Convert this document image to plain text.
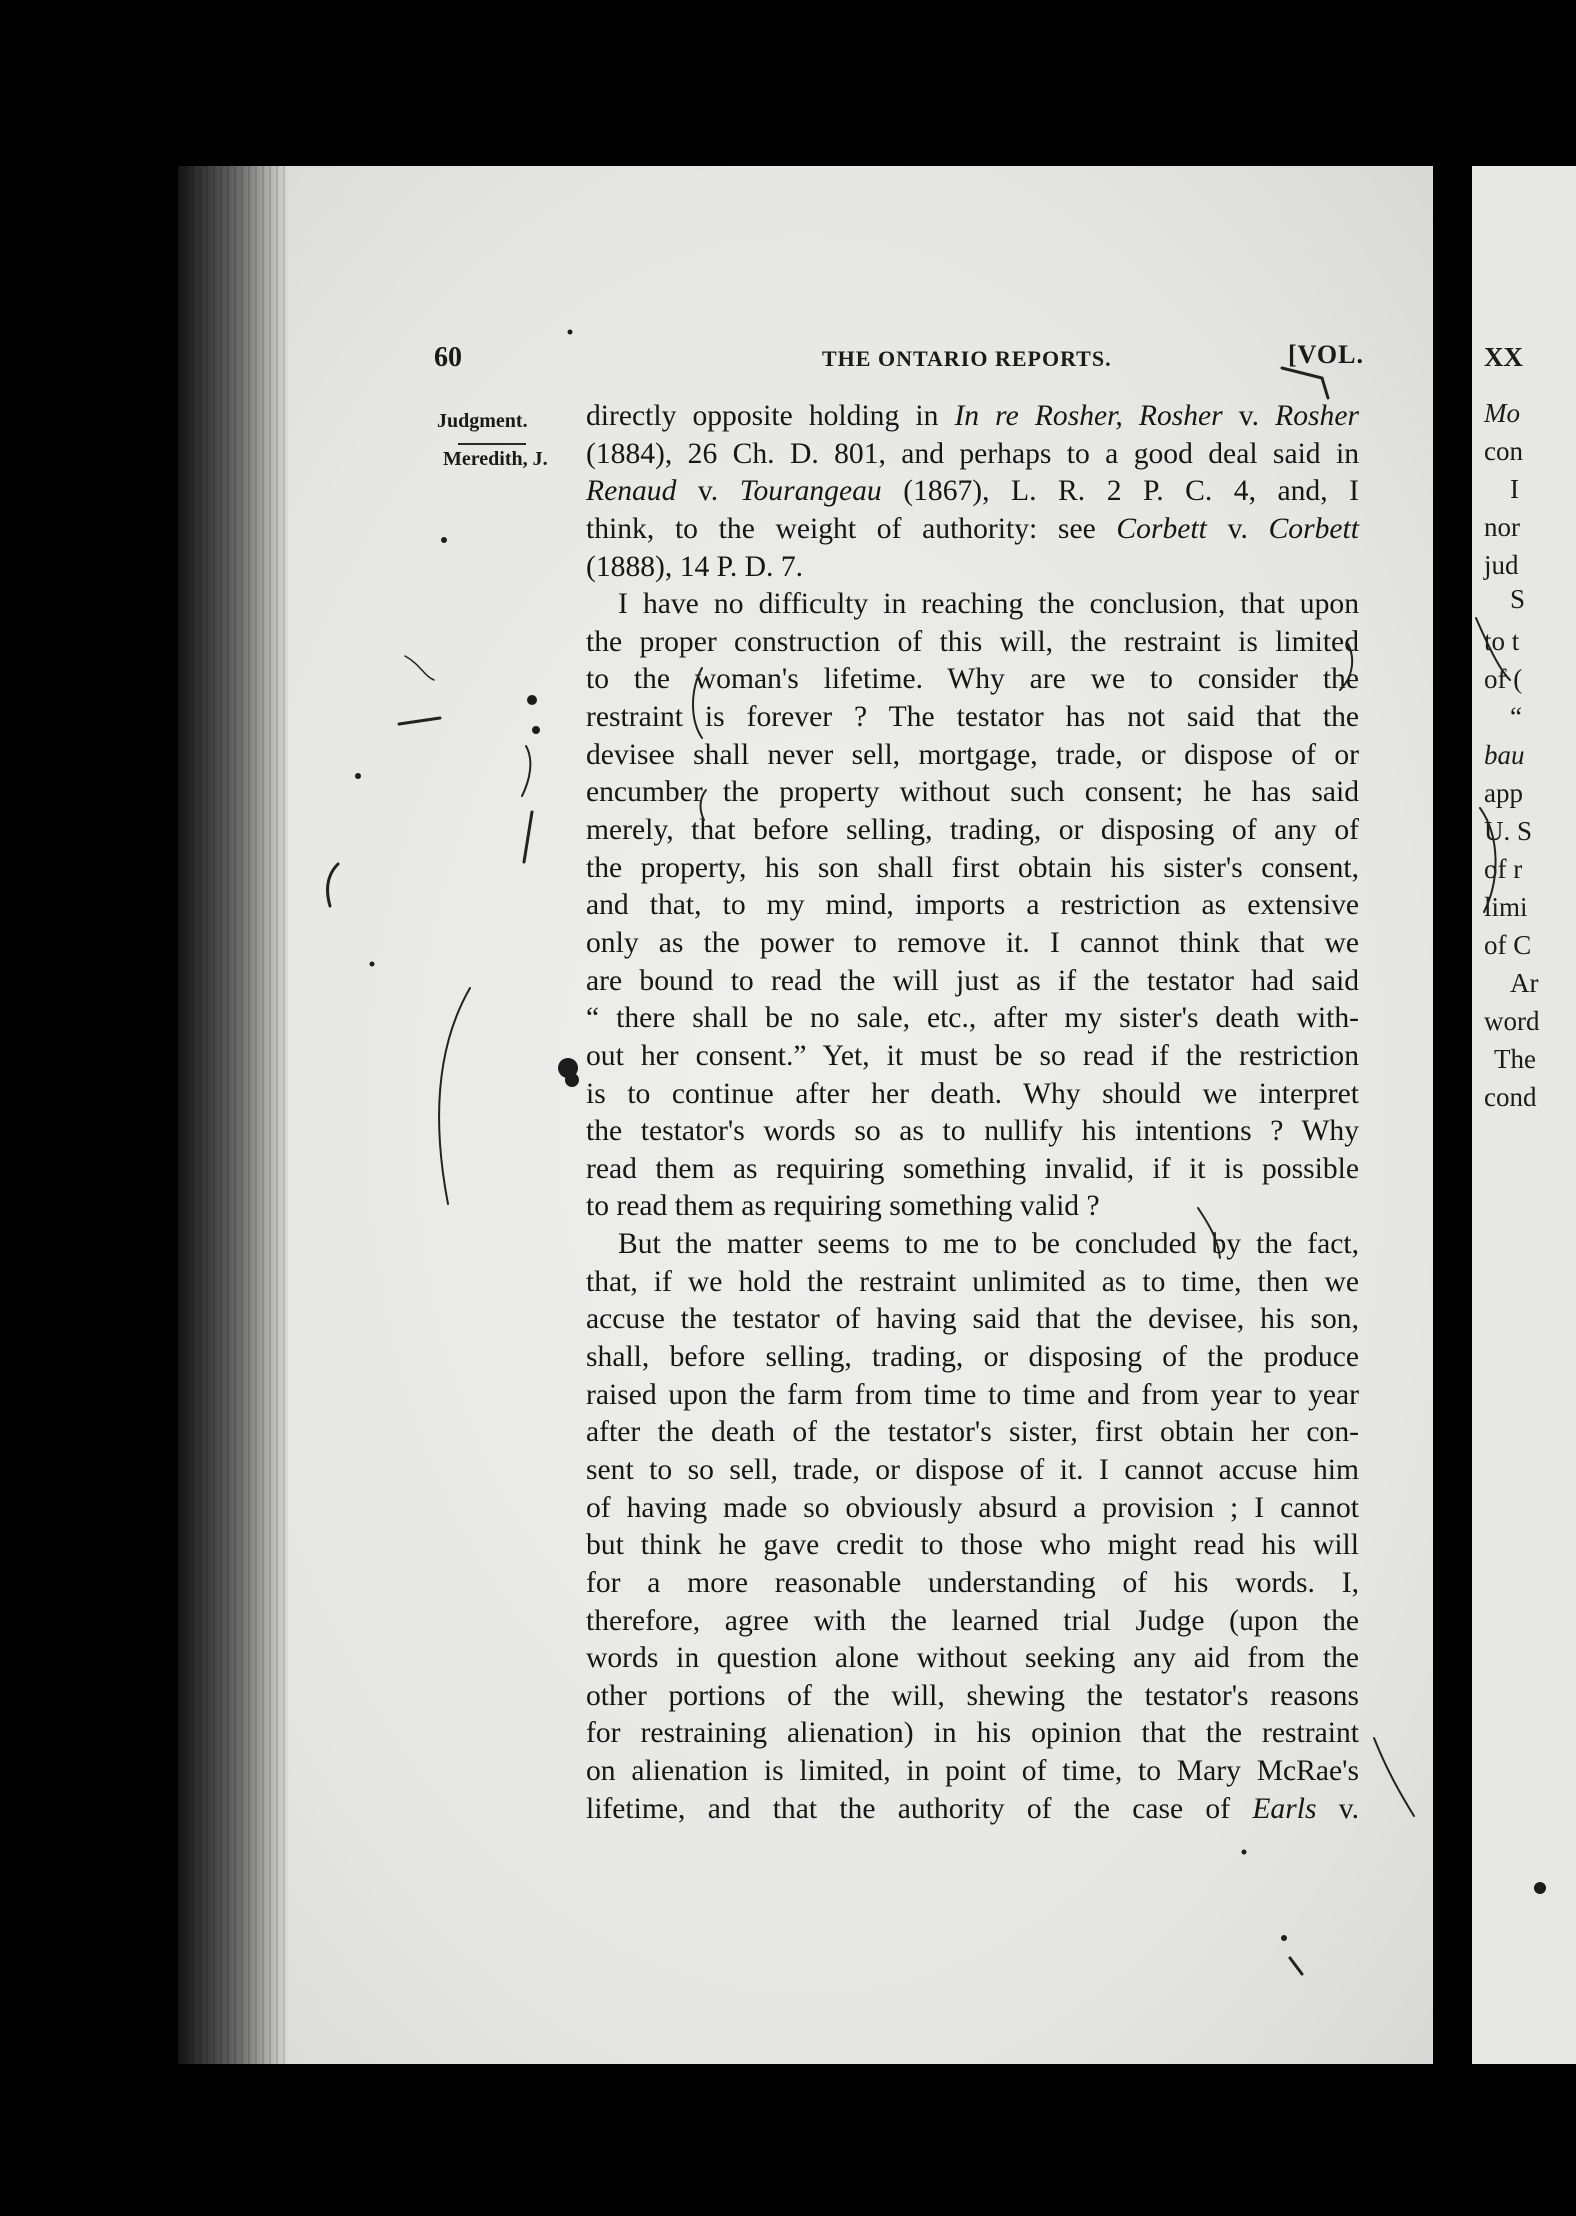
XX
Mo
con
I
nor
jud
S
to t
of (
“
bau
app
U. S
of r
limi
of C
Ar
word
The
cond
60	THE ONTARIO REPORTS.	[VOL.
Judgment.
Meredith, J.
directly opposite holding in In re Rosher, Rosher v. Rosher
(1884), 26 Ch. D. 801, and perhaps to a good deal said in
Renaud v. Tourangeau (1867), L. R. 2 P. C. 4, and, I
think, to the weight of authority: see Corbett v. Corbett
(1888), 14 P. D. 7.
I have no difficulty in reaching the conclusion, that upon
the proper construction of this will, the restraint is limited
to the woman's lifetime. Why are we to consider the
restraint is forever ? The testator has not said that the
devisee shall never sell, mortgage, trade, or dispose of or
encumber the property without such consent; he has said
merely, that before selling, trading, or disposing of any of
the property, his son shall first obtain his sister's consent,
and that, to my mind, imports a restriction as extensive
only as the power to remove it. I cannot think that we
are bound to read the will just as if the testator had said
“ there shall be no sale, etc., after my sister's death with-
out her consent.” Yet, it must be so read if the restriction
is to continue after her death. Why should we interpret
the testator's words so as to nullify his intentions ? Why
read them as requiring something invalid, if it is possible
to read them as requiring something valid ?
But the matter seems to me to be concluded by the fact,
that, if we hold the restraint unlimited as to time, then we
accuse the testator of having said that the devisee, his son,
shall, before selling, trading, or disposing of the produce
raised upon the farm from time to time and from year to year
after the death of the testator's sister, first obtain her con-
sent to so sell, trade, or dispose of it. I cannot accuse him
of having made so obviously absurd a provision ; I cannot
but think he gave credit to those who might read his will
for a more reasonable understanding of his words. I,
therefore, agree with the learned trial Judge (upon the
words in question alone without seeking any aid from the
other portions of the will, shewing the testator's reasons
for restraining alienation) in his opinion that the restraint
on alienation is limited, in point of time, to Mary McRae's
lifetime, and that the authority of the case of Earls v.
